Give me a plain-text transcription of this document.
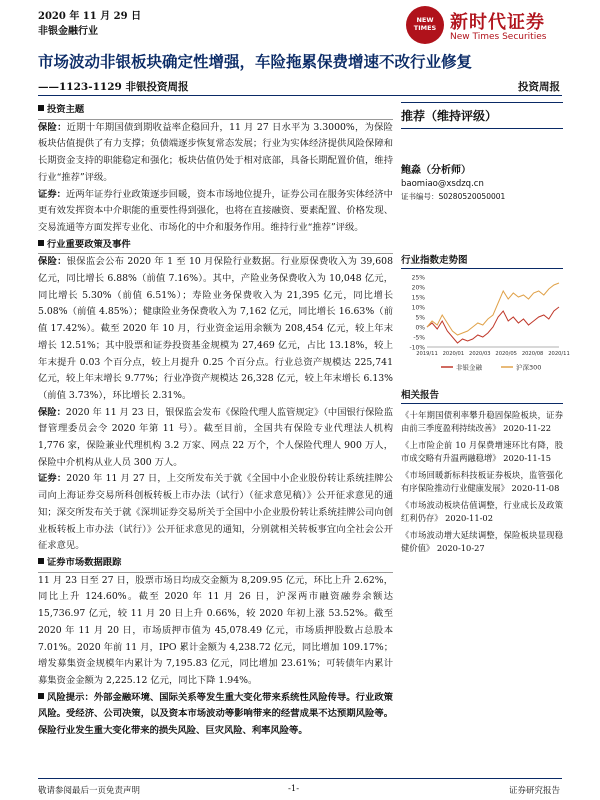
2020 年 11 月 29 日
非银金融行业
NEW TIMES 新时代证券
New Times Securities
市场波动非银板块确定性增强，车险拖累保费增速不改行业修复
——1123-1129 非银投资周报	投资周报
投资主题

保险：近期十年期国债到期收益率企稳回升，11 月 27 日水平为 3.3000%，为保险板块估值提供了有力支撑；负债端逐步恢复常态发展；行业为实体经济提供风险保障和长期资金支持的职能稳定和强化；板块估值仍处于相对底部，具备长期配置价值，维持行业“推荐”评级。

证券：近两年证券行业政策逐步回暖，资本市场地位提升，证券公司在服务实体经济中更有效发挥资本中介职能的重要性得到强化，也将在直接融资、要素配置、价格发现、交易流通等方面发挥专业化、市场化的中介和服务作用。维持行业“推荐”评级。

行业重要政策及事件

保险：银保监会公布 2020 年 1 至 10 月保险行业数据。行业原保费收入为 39,608 亿元，同比增长 6.88%（前值 7.16%）。其中，产险业务保费收入为 10,048 亿元，同比增长 5.30%（前值 6.51%）；寿险业务保费收入为 21,395 亿元，同比增长 5.08%（前值 4.85%）；健康险业务保费收入为 7,162 亿元，同比增长 16.63%（前值 17.42%）。截至 2020 年 10 月，行业资金运用余额为 208,454 亿元，较上年末增长 12.51%；其中股票和证券投资基金规模为 27,469 亿元，占比 13.18%，较上年末提升 0.03 个百分点，较上月提升 0.25 个百分点。行业总资产规模达 225,741 亿元，较上年末增长 9.77%；行业净资产规模达 26,328 亿元，较上年末增长 6.13%（前值 3.73%），环比增长 2.31%。

保险：2020 年 11 月 23 日，银保监会发布《保险代理人监管规定》（中国银行保险监督管理委员会令 2020 年第 11 号）。截至目前，全国共有保险专业代理法人机构 1,776 家，保险兼业代理机构 3.2 万家、网点 22 万个，个人保险代理人 900 万人，保险中介机构从业人员 300 万人。

证券：2020 年 11 月 27 日，上交所发布关于就《全国中小企业股份转让系统挂牌公司向上海证券交易所科创板转板上市办法（试行）（征求意见稿）》公开征求意见的通知；深交所发布关于就《深圳证券交易所关于全国中小企业股份转让系统挂牌公司向创业板转板上市办法（试行）》公开征求意见的通知，分别就相关转板事宜向全社会公开征求意见。

证券市场数据跟踪

11 月 23 日至 27 日，股票市场日均成交金额为 8,209.95 亿元，环比上升 2.62%，同比上升 124.60%。截至 2020 年 11 月 26 日，沪深两市融资融券余额达 15,736.97 亿元，较 11 月 20 日上升 0.66%，较 2020 年初上涨 53.52%。截至 2020 年 11 月 20 日，市场质押市值为 45,078.49 亿元，市场质押股数占总股本 7.01%。2020 年前 11 月，IPO 累计金额为 4,238.72 亿元，同比增加 109.17%；增发募集资金规模年内累计为 7,195.83 亿元，同比增加 23.61%；可转债年内累计募集资金金额为 2,225.12 亿元，同比下降 1.94%。

风险提示：外部金融环境、国际关系等发生重大变化带来系统性风险传导。行业政策风险。受经济、公司决策，以及资本市场波动等影响带来的经营成果不达预期风险等。保险行业发生重大变化带来的损失风险、巨灾风险、利率风险等。

推荐（维持评级）
鲍淼（分析师）
baomiao@xsdzq.cn
证书编号：S0280520050001
行业指数走势图
25%
20%
15%
10%
5%
0%
-5%
-10%
2019/11 2020/01 2020/03 2020/05 2020/08 2020/11
非银金融	沪深300
相关报告
《十年期国债利率攀升稳固保险板块，证券由前三季度盈利持续改善》 2020-11-22
《上市险企前 10 月保费增速环比有降，股市成交略有升温两融稳增》 2020-11-15
《市场回暖新标科技板证券板块，监管强化有序保险推动行业健康发展》 2020-11-08
《市场波动板块估值调整，行业成长及政策红利仍存》 2020-11-02
《市场波动增大延续调整，保险板块显现稳健价值》 2020-10-27
敬请参阅最后一页免责声明	-1-	证券研究报告
